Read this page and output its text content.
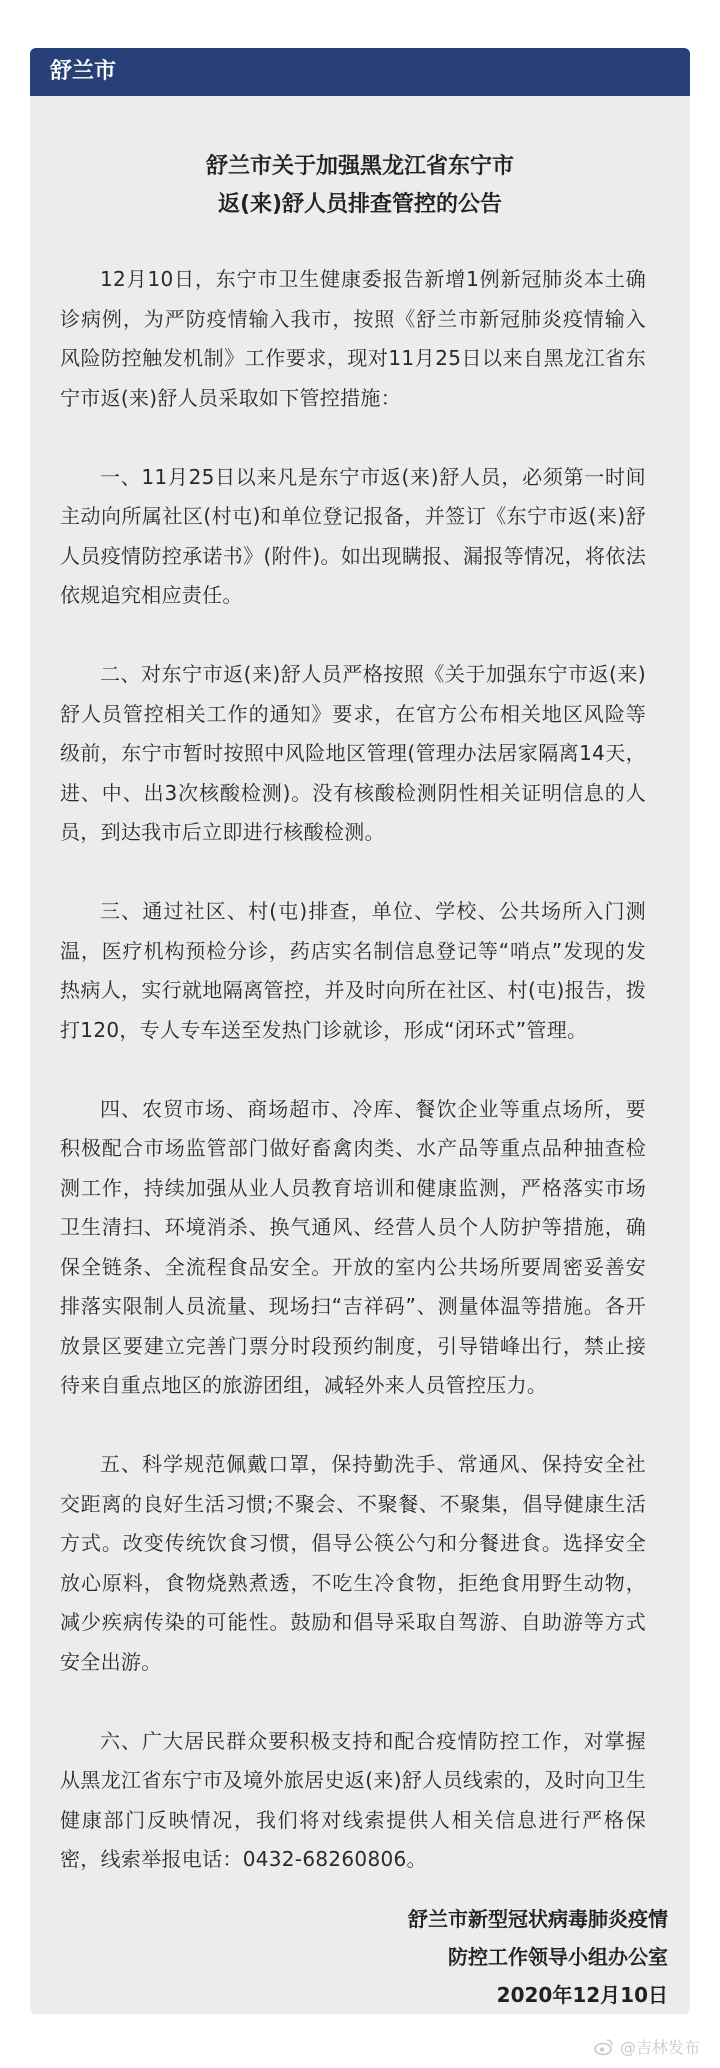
舒兰市
舒兰市关于加强黑龙江省东宁市
返(来)舒人员排查管控的公告

12月10日，东宁市卫生健康委报告新增1例新冠肺炎本土确诊病例，为严防疫情输入我市，按照《舒兰市新冠肺炎疫情输入风险防控触发机制》工作要求，现对11月25日以来自黑龙江省东宁市返(来)舒人员采取如下管控措施：

一、11月25日以来凡是东宁市返(来)舒人员，必须第一时间主动向所属社区(村屯)和单位登记报备，并签订《东宁市返(来)舒人员疫情防控承诺书》(附件)。如出现瞒报、漏报等情况，将依法依规追究相应责任。

二、对东宁市返(来)舒人员严格按照《关于加强东宁市返(来)舒人员管控相关工作的通知》要求，在官方公布相关地区风险等级前，东宁市暂时按照中风险地区管理(管理办法居家隔离14天，进、中、出3次核酸检测)。没有核酸检测阴性相关证明信息的人员，到达我市后立即进行核酸检测。

三、通过社区、村(屯)排查，单位、学校、公共场所入门测温，医疗机构预检分诊，药店实名制信息登记等“哨点”发现的发热病人，实行就地隔离管控，并及时向所在社区、村(屯)报告，拨打120，专人专车送至发热门诊就诊，形成“闭环式”管理。

四、农贸市场、商场超市、冷库、餐饮企业等重点场所，要积极配合市场监管部门做好畜禽肉类、水产品等重点品种抽查检测工作，持续加强从业人员教育培训和健康监测，严格落实市场卫生清扫、环境消杀、换气通风、经营人员个人防护等措施，确保全链条、全流程食品安全。开放的室内公共场所要周密妥善安排落实限制人员流量、现场扫“吉祥码”、测量体温等措施。各开放景区要建立完善门票分时段预约制度，引导错峰出行，禁止接待来自重点地区的旅游团组，减轻外来人员管控压力。

五、科学规范佩戴口罩，保持勤洗手、常通风、保持安全社交距离的良好生活习惯;不聚会、不聚餐、不聚集，倡导健康生活方式。改变传统饮食习惯，倡导公筷公勺和分餐进食。选择安全放心原料，食物烧熟煮透，不吃生冷食物，拒绝食用野生动物，减少疾病传染的可能性。鼓励和倡导采取自驾游、自助游等方式安全出游。

六、广大居民群众要积极支持和配合疫情防控工作，对掌握从黑龙江省东宁市及境外旅居史返(来)舒人员线索的，及时向卫生健康部门反映情况，我们将对线索提供人相关信息进行严格保密，线索举报电话：0432-68260806。

舒兰市新型冠状病毒肺炎疫情
防控工作领导小组办公室
2020年12月10日
@吉林发布
